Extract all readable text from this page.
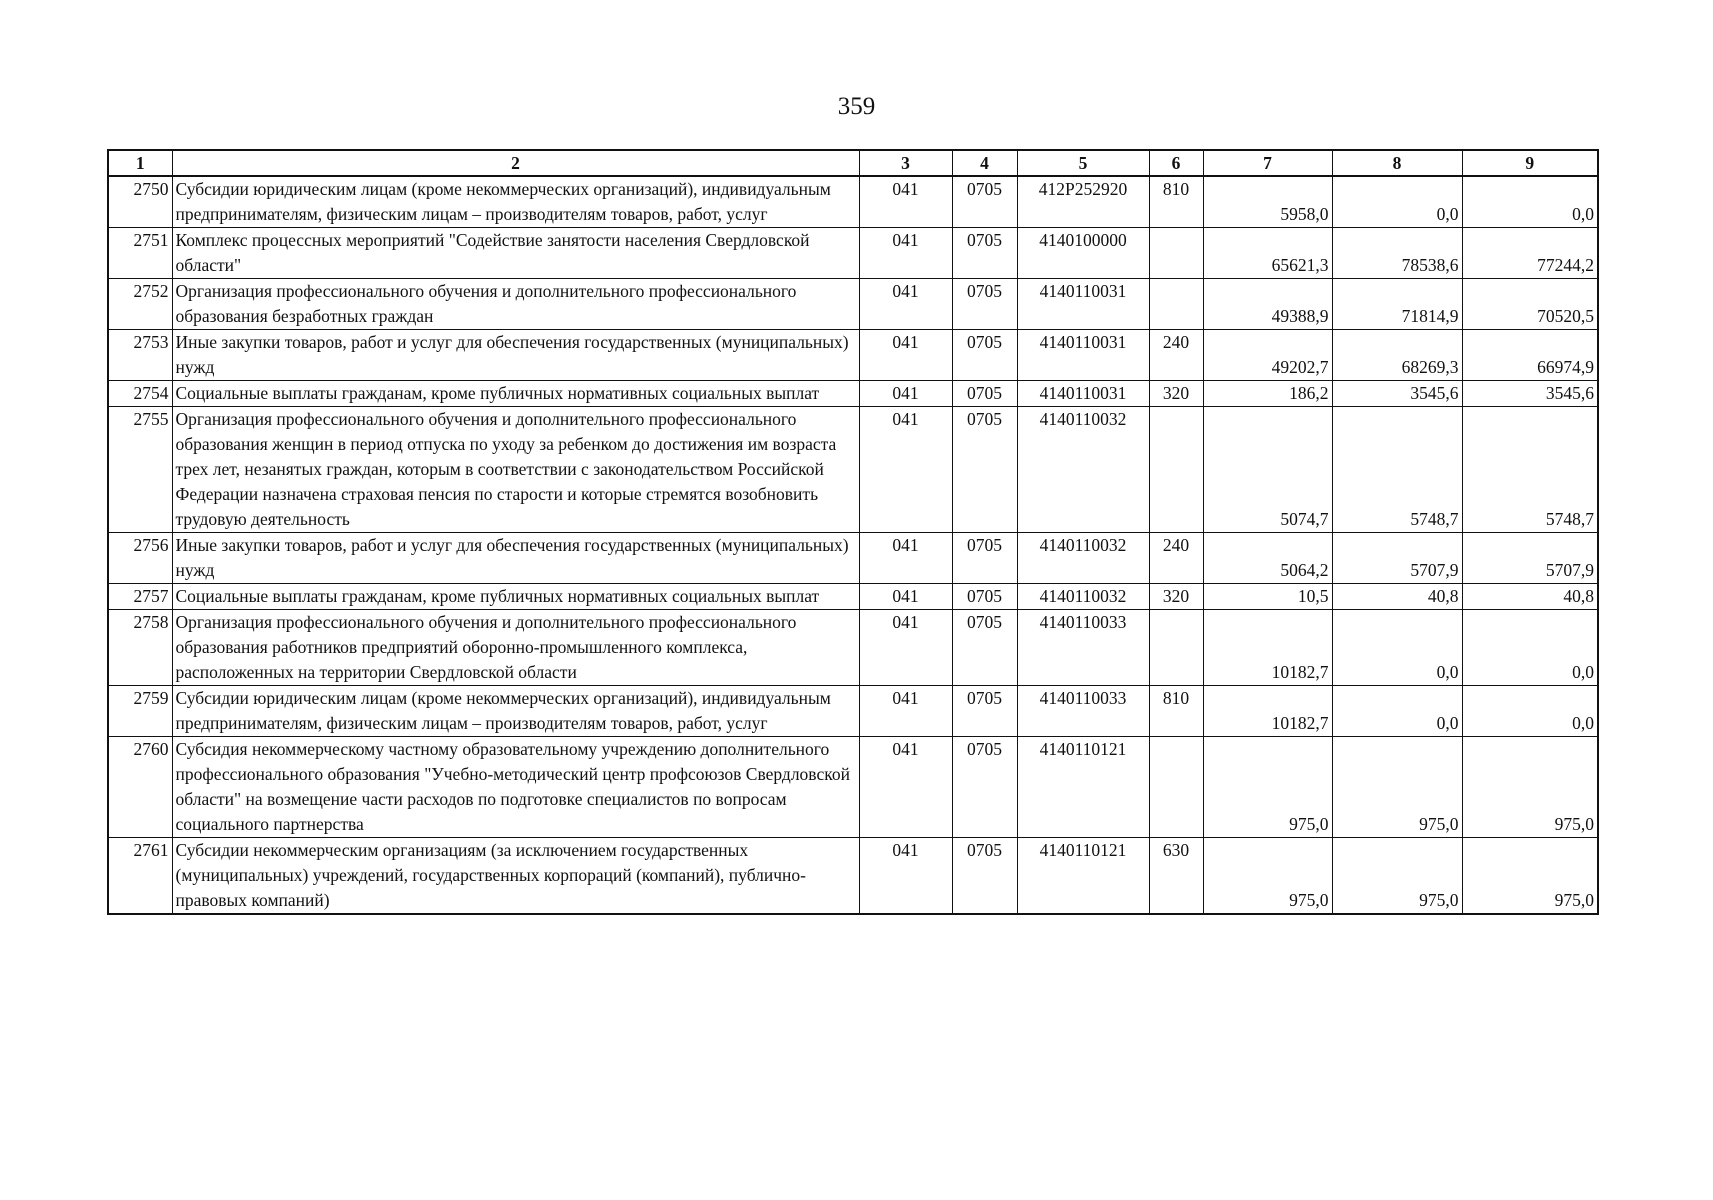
359
1	2	3	4	5	6	7	8	9
2750	Субсидии юридическим лицам (кроме некоммерческих организаций), индивидуальным предпринимателям, физическим лицам – производителям товаров, работ, услуг	041	0705	412Р252920	810	5958,0	0,0	0,0
2751	Комплекс процессных мероприятий "Содействие занятости населения Свердловской области"	041	0705	4140100000		65621,3	78538,6	77244,2
2752	Организация профессионального обучения и дополнительного профессионального образования безработных граждан	041	0705	4140110031		49388,9	71814,9	70520,5
2753	Иные закупки товаров, работ и услуг для обеспечения государственных (муниципальных) нужд	041	0705	4140110031	240	49202,7	68269,3	66974,9
2754	Социальные выплаты гражданам, кроме публичных нормативных социальных выплат	041	0705	4140110031	320	186,2	3545,6	3545,6
2755	Организация профессионального обучения и дополнительного профессионального образования женщин в период отпуска по уходу за ребенком до достижения им возраста трех лет, незанятых граждан, которым в соответствии с законодательством Российской Федерации назначена страховая пенсия по старости и которые стремятся возобновить трудовую деятельность	041	0705	4140110032		5074,7	5748,7	5748,7
2756	Иные закупки товаров, работ и услуг для обеспечения государственных (муниципальных) нужд	041	0705	4140110032	240	5064,2	5707,9	5707,9
2757	Социальные выплаты гражданам, кроме публичных нормативных социальных выплат	041	0705	4140110032	320	10,5	40,8	40,8
2758	Организация профессионального обучения и дополнительного профессионального образования работников предприятий оборонно-промышленного комплекса, расположенных на территории Свердловской области	041	0705	4140110033		10182,7	0,0	0,0
2759	Субсидии юридическим лицам (кроме некоммерческих организаций), индивидуальным предпринимателям, физическим лицам – производителям товаров, работ, услуг	041	0705	4140110033	810	10182,7	0,0	0,0
2760	Субсидия некоммерческому частному образовательному учреждению дополнительного профессионального образования "Учебно-методический центр профсоюзов Свердловской области" на возмещение части расходов по подготовке специалистов по вопросам социального партнерства	041	0705	4140110121		975,0	975,0	975,0
2761	Субсидии некоммерческим организациям (за исключением государственных (муниципальных) учреждений, государственных корпораций (компаний), публично-правовых компаний)	041	0705	4140110121	630	975,0	975,0	975,0
